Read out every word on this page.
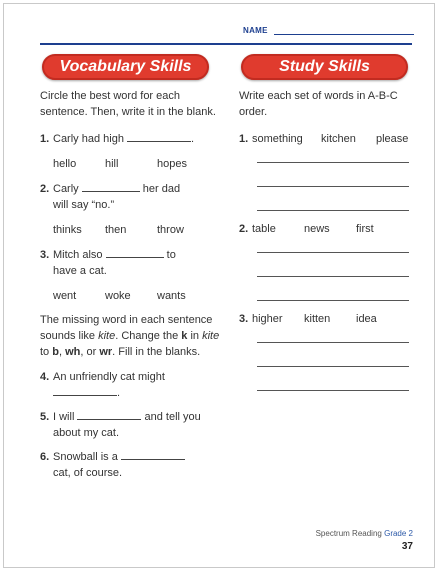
NAME
Vocabulary Skills	Study Skills

Circle the best word for each sentence. Then, write it in the blank.

1. Carly had high	.
hello	hill	hopes
2. Carly	her dad
will say “no.”
thinks	then	throw
3. Mitch also	to
have a cat.
went	woke	wants

The missing word in each sentence sounds like kite. Change the k in kite to b, wh, or wr. Fill in the blanks.

4. An unfriendly cat might
.
5. I will	and tell you
about my cat.
6. Snowball is a
cat, of course.

Write each set of words in A-B-C order.

1. something	kitchen	please
2. table	news	first
3. higher	kitten	idea
Spectrum Reading Grade 2
37
